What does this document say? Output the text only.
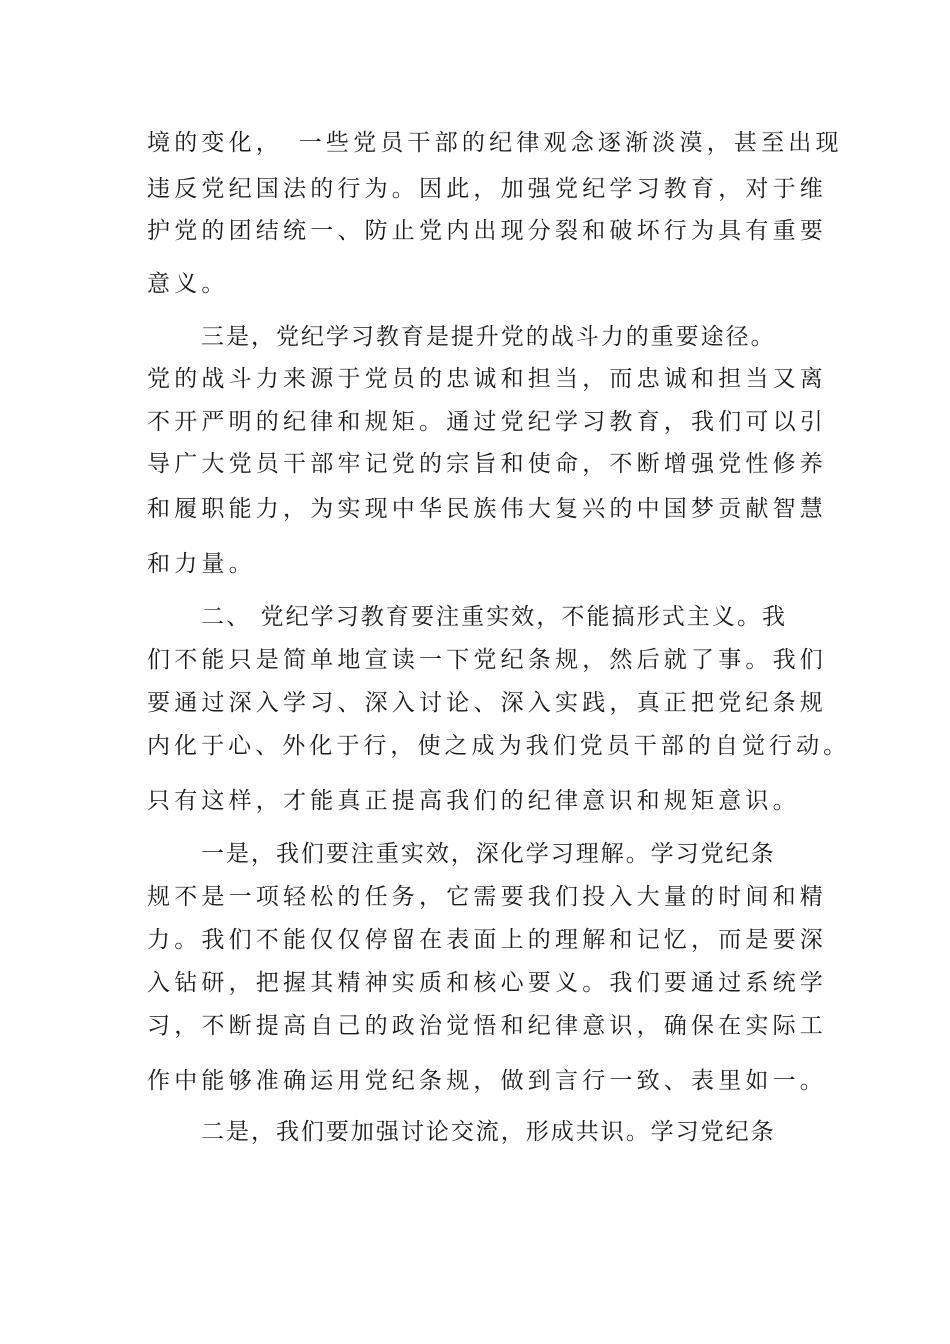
境的变化，　一些党员干部的纪律观念逐渐淡漠，甚至出现
违反党纪国法的行为。因此，加强党纪学习教育，对于维
护党的团结统一、防止党内出现分裂和破坏行为具有重要
意义。
三是，党纪学习教育是提升党的战斗力的重要途径。
党的战斗力来源于党员的忠诚和担当，而忠诚和担当又离
不开严明的纪律和规矩。通过党纪学习教育，我们可以引
导广大党员干部牢记党的宗旨和使命，不断增强党性修养
和履职能力，为实现中华民族伟大复兴的中国梦贡献智慧
和力量。
二、 党纪学习教育要注重实效，不能搞形式主义。我
们不能只是简单地宣读一下党纪条规，然后就了事。我们
要通过深入学习、深入讨论、深入实践，真正把党纪条规
内化于心、外化于行，使之成为我们党员干部的自觉行动。
只有这样，才能真正提高我们的纪律意识和规矩意识。
一是，我们要注重实效，深化学习理解。学习党纪条
规不是一项轻松的任务，它需要我们投入大量的时间和精
力。我们不能仅仅停留在表面上的理解和记忆，而是要深
入钻研，把握其精神实质和核心要义。我们要通过系统学
习，不断提高自己的政治觉悟和纪律意识，确保在实际工
作中能够准确运用党纪条规，做到言行一致、表里如一。
二是，我们要加强讨论交流，形成共识。学习党纪条
